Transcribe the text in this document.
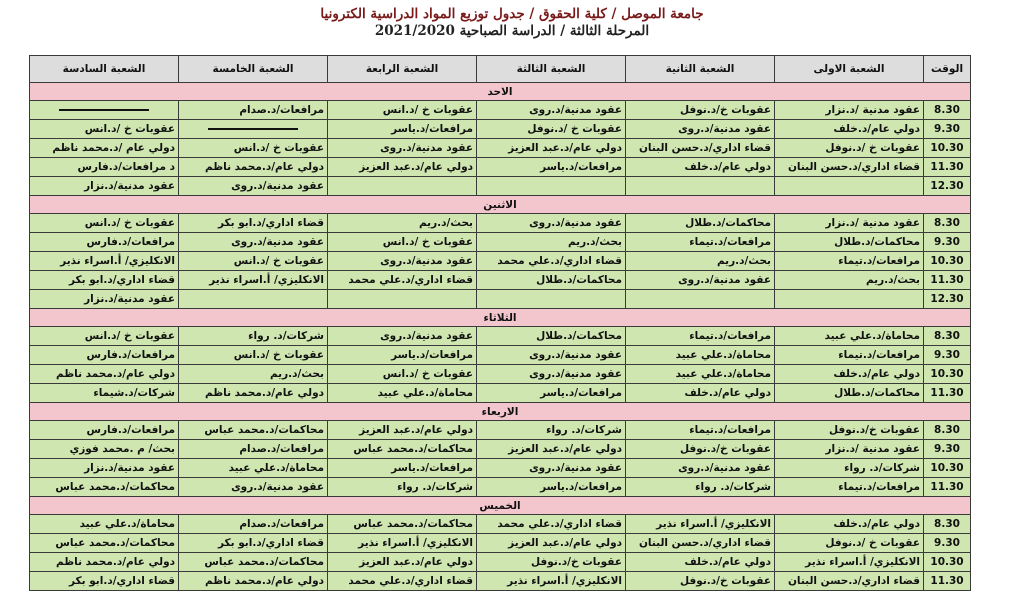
جامعة الموصل / كلية الحقوق / جدول توزيع المواد الدراسية الكترونيا
المرحلة الثالثة / الدراسة الصباحية 2021/2020
الوقت	الشعبة الاولى	الشعبة الثانية	الشعبة الثالثة	الشعبة الرابعة	الشعبة الخامسة	الشعبة السادسة
الاحد						
8.30	عقود مدنية /د.نزار	عقوبات خ/د.نوفل	عقود مدنية/د.روى	عقوبات خ /د.انس	مرافعات/د.صدام	
9.30	دولي عام/د.خلف	عقود مدنية/د.روى	عقوبات خ /د.نوفل	مرافعات/د.ياسر		عقوبات خ /د.انس
10.30	عقوبات خ /د.نوفل	قضاء اداري/د.حسن البنان	دولي عام/د.عبد العزيز	عقود مدنية/د.روى	عقوبات خ /د.انس	دولي عام /د.محمد ناظم
11.30	قضاء اداري/د.حسن البنان	دولي عام/د.خلف	مرافعات/د.ياسر	دولي عام/د.عبد العزيز	دولي عام/د.محمد ناظم	د مرافعات/د.فارس
12.30					عقود مدنية/د.روى	عقود مدنية/د.نزار
الاثنين						
8.30	عقود مدنية /د.نزار	محاكمات/د.طلال	عقود مدنية/د.روى	بحث/د.ريم	قضاء اداري/د.ابو بكر	عقوبات خ /د.انس
9.30	محاكمات/د.طلال	مرافعات/د.تيماء	بحث/د.ريم	عقوبات خ /د.انس	عقود مدنية/د.روى	مرافعات/د.فارس
10.30	مرافعات/د.تيماء	بحث/د.ريم	قضاء اداري/د.علي محمد	عقود مدنية/د.روى	عقوبات خ /د.انس	الانكليزي/ أ.اسراء نذير
11.30	بحث/د.ريم	عقود مدنية/د.روى	محاكمات/د.طلال	قضاء اداري/د.علي محمد	الانكليزي/ أ.اسراء نذير	قضاء اداري/د.ابو بكر
12.30						عقود مدنية/د.نزار
الثلاثاء						
8.30	محاماة/د.علي عبيد	مرافعات/د.تيماء	محاكمات/د.طلال	عقود مدنية/د.روى	شركات/د. رواء	عقوبات خ /د.انس
9.30	مرافعات/د.تيماء	محاماة/د.علي عبيد	عقود مدنية/د.روى	مرافعات/د.ياسر	عقوبات خ /د.انس	مرافعات/د.فارس
10.30	دولي عام/د.خلف	محاماة/د.علي عبيد	عقود مدنية/د.روى	عقوبات خ /د.انس	بحث/د.ريم	دولي عام/د.محمد ناظم
11.30	محاكمات/د.طلال	دولي عام/د.خلف	مرافعات/د.ياسر	محاماة/د.علي عبيد	دولي عام/د.محمد ناظم	شركات/د.شيماء
الاربعاء						
8.30	عقوبات خ/د.نوفل	مرافعات/د.تيماء	شركات/د. رواء	دولي عام/د.عبد العزيز	محاكمات/د.محمد عباس	مرافعات/د.فارس
9.30	عقود مدنية /د.نزار	عقوبات خ/د.نوفل	دولي عام/د.عبد العزيز	محاكمات/د.محمد عباس	مرافعات/د.صدام	بحث/ م .محمد فوزي
10.30	شركات/د. رواء	عقود مدنية/د.روى	عقود مدنية/د.روى	مرافعات/د.ياسر	محاماة/د.علي عبيد	عقود مدنية/د.نزار
11.30	مرافعات/د.تيماء	شركات/د. رواء	مرافعات/د.ياسر	شركات/د. رواء	عقود مدنية/د.روى	محاكمات/د.محمد عباس
الخميس						
8.30	دولي عام/د.خلف	الانكليزي/ أ.اسراء نذير	قضاء اداري/د.علي محمد	محاكمات/د.محمد عباس	مرافعات/د.صدام	محاماة/د.علي عبيد
9.30	عقوبات خ /د.نوفل	قضاء اداري/د.حسن البنان	دولي عام/د.عبد العزيز	الانكليزي/ أ.اسراء نذير	قضاء اداري/د.ابو بكر	محاكمات/د.محمد عباس
10.30	الانكليزي/ أ.اسراء نذير	دولي عام/د.خلف	عقوبات خ/د.نوفل	دولي عام/د.عبد العزيز	محاكمات/د.محمد عباس	دولي عام/د.محمد ناظم
11.30	قضاء اداري/د.حسن البنان	عقوبات خ/د.نوفل	الانكليزي/ أ.اسراء نذير	قضاء اداري/د.علي محمد	دولي عام/د.محمد ناظم	قضاء اداري/د.ابو بكر
